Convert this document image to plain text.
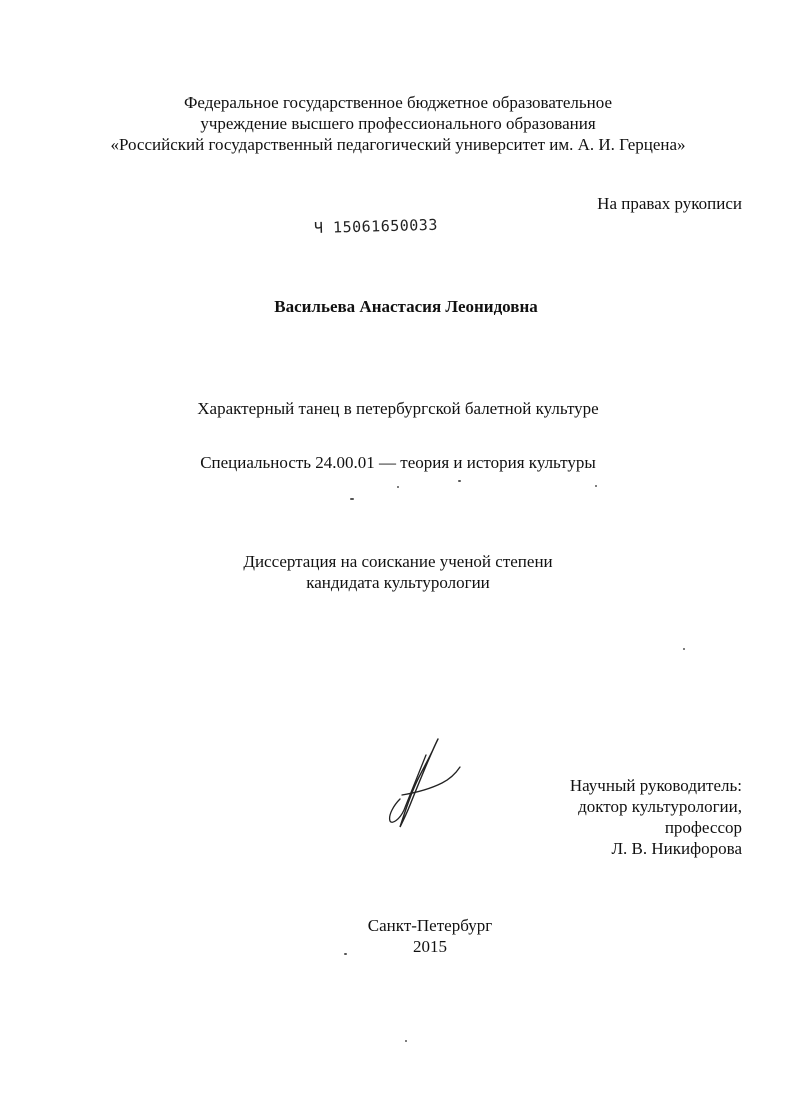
Федеральное государственное бюджетное образовательное
учреждение высшего профессионального образования
«Российский государственный педагогический университет им. А. И. Герцена»
На правах рукописи
Ч 15061650033
Васильева Анастасия Леонидовна
Характерный танец в петербургской балетной культуре
Специальность 24.00.01 — теория и история культуры
Диссертация на соискание ученой степени
кандидата культурологии
Научный руководитель:
доктор культурологии,
профессор
Л. В. Никифорова
Санкт-Петербург
2015
